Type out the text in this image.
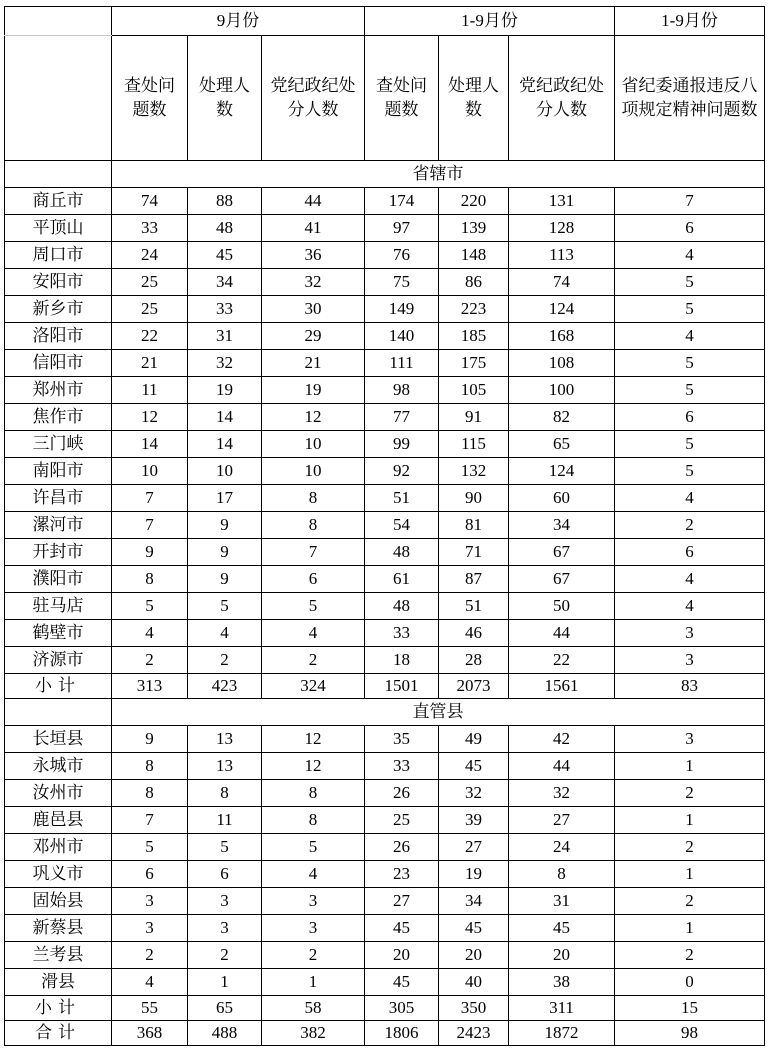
	9月份			1-9月份			1-9月份
	查处问题数	处理人数	党纪政纪处分人数	查处问题数	处理人数	党纪政纪处分人数	省纪委通报违反八项规定精神问题数
	省辖市						
商丘市	74	88	44	174	220	131	7
平顶山	33	48	41	97	139	128	6
周口市	24	45	36	76	148	113	4
安阳市	25	34	32	75	86	74	5
新乡市	25	33	30	149	223	124	5
洛阳市	22	31	29	140	185	168	4
信阳市	21	32	21	111	175	108	5
郑州市	11	19	19	98	105	100	5
焦作市	12	14	12	77	91	82	6
三门峡	14	14	10	99	115	65	5
南阳市	10	10	10	92	132	124	5
许昌市	7	17	8	51	90	60	4
漯河市	7	9	8	54	81	34	2
开封市	9	9	7	48	71	67	6
濮阳市	8	9	6	61	87	67	4
驻马店	5	5	5	48	51	50	4
鹤壁市	4	4	4	33	46	44	3
济源市	2	2	2	18	28	22	3
小计	313	423	324	1501	2073	1561	83
	直管县						
长垣县	9	13	12	35	49	42	3
永城市	8	13	12	33	45	44	1
汝州市	8	8	8	26	32	32	2
鹿邑县	7	11	8	25	39	27	1
邓州市	5	5	5	26	27	24	2
巩义市	6	6	4	23	19	8	1
固始县	3	3	3	27	34	31	2
新蔡县	3	3	3	45	45	45	1
兰考县	2	2	2	20	20	20	2
滑县	4	1	1	45	40	38	0
小计	55	65	58	305	350	311	15
合计	368	488	382	1806	2423	1872	98
